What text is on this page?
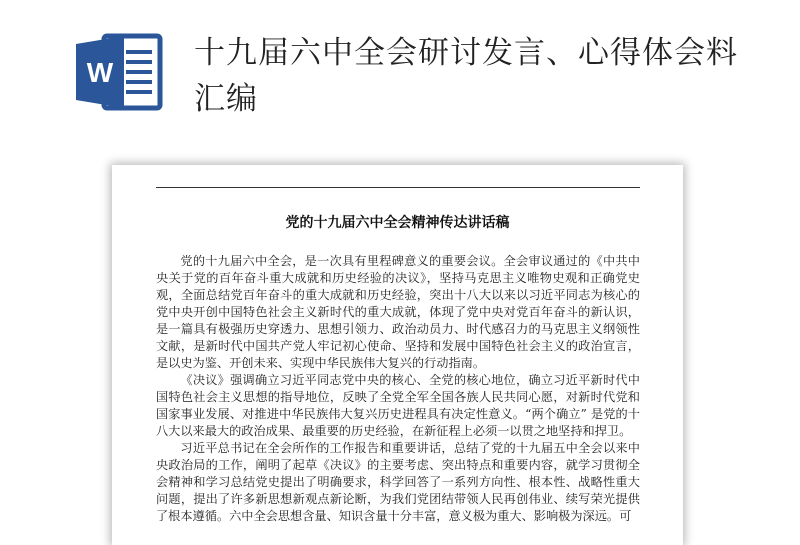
W
十九届六中全会研讨发言、心得体会料汇编
党的十九届六中全会精神传达讲话稿

党的十九届六中全会，是一次具有里程碑意义的重要会议。全会审议通过的《中共中央关于党的百年奋斗重大成就和历史经验的决议》，坚持马克思主义唯物史观和正确党史观，全面总结党百年奋斗的重大成就和历史经验，突出十八大以来以习近平同志为核心的党中央开创中国特色社会主义新时代的重大成就，体现了党中央对党百年奋斗的新认识，是一篇具有极强历史穿透力、思想引领力、政治动员力、时代感召力的马克思主义纲领性文献，是新时代中国共产党人牢记初心使命、坚持和发展中国特色社会主义的政治宣言，是以史为鉴、开创未来、实现中华民族伟大复兴的行动指南。

《决议》强调确立习近平同志党中央的核心、全党的核心地位，确立习近平新时代中国特色社会主义思想的指导地位，反映了全党全军全国各族人民共同心愿，对新时代党和国家事业发展、对推进中华民族伟大复兴历史进程具有决定性意义。“两个确立” 是党的十八大以来最大的政治成果、最重要的历史经验，在新征程上必须一以贯之地坚持和捍卫。

习近平总书记在全会所作的工作报告和重要讲话，总结了党的十九届五中全会以来中央政治局的工作，阐明了起草《决议》的主要考虑、突出特点和重要内容，就学习贯彻全会精神和学习总结党史提出了明确要求，科学回答了一系列方向性、根本性、战略性重大问题，提出了许多新思想新观点新论断，为我们党团结带领人民再创伟业、续写荣光提供了根本遵循。六中全会思想含量、知识含量十分丰富，意义极为重大、影响极为深远。可
